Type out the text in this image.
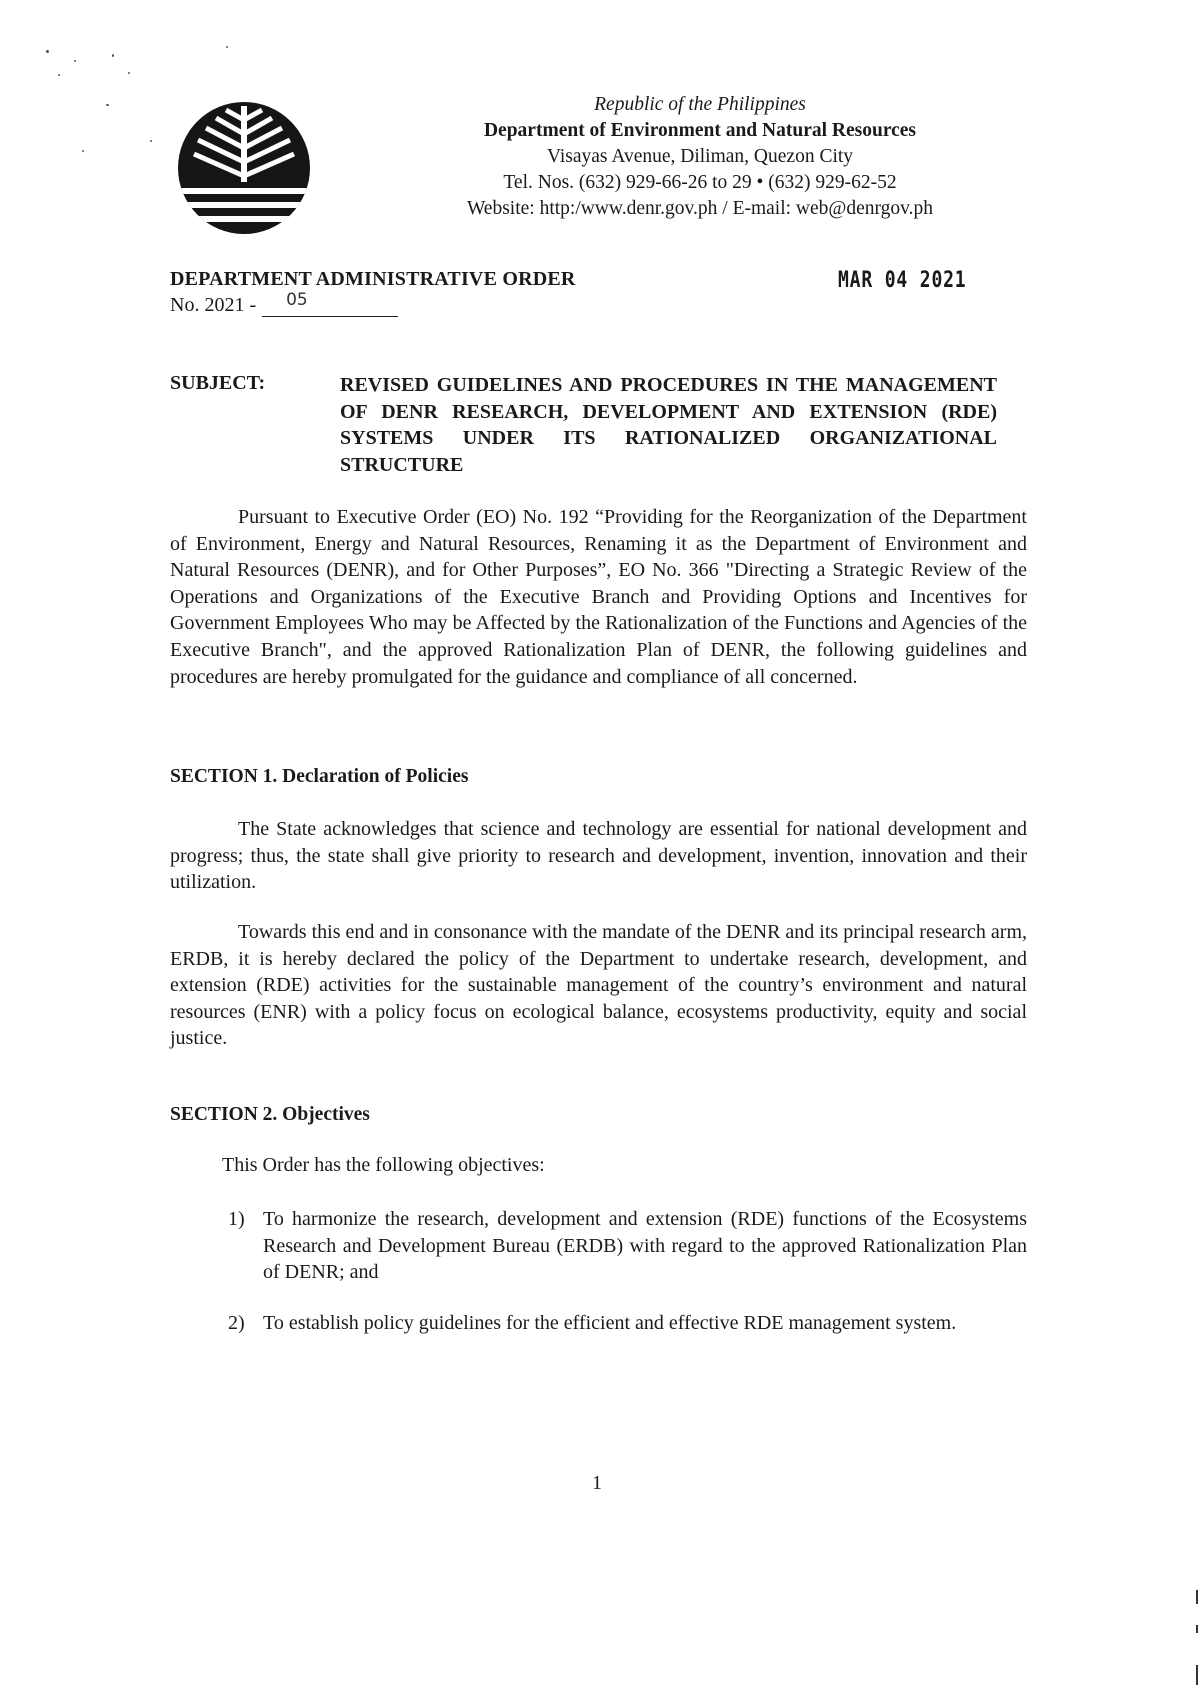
Republic of the Philippines
Department of Environment and Natural Resources
Visayas Avenue, Diliman, Quezon City
Tel. Nos. (632) 929-66-26 to 29 • (632) 929-62-52
Website: http:/www.denr.gov.ph / E-mail: web@denrgov.ph
DEPARTMENT ADMINISTRATIVE ORDER
No. 2021 - 05
MAR 04 2021
SUBJECT:	REVISED GUIDELINES AND PROCEDURES IN THE MANAGEMENT OF DENR RESEARCH, DEVELOPMENT AND EXTENSION (RDE) SYSTEMS UNDER ITS RATIONALIZED ORGANIZATIONAL STRUCTURE
Pursuant to Executive Order (EO) No. 192 “Providing for the Reorganization of the Department of Environment, Energy and Natural Resources, Renaming it as the Department of Environment and Natural Resources (DENR), and for Other Purposes”, EO No. 366 "Directing a Strategic Review of the Operations and Organizations of the Executive Branch and Providing Options and Incentives for Government Employees Who may be Affected by the Rationalization of the Functions and Agencies of the Executive Branch", and the approved Rationalization Plan of DENR, the following guidelines and procedures are hereby promulgated for the guidance and compliance of all concerned.
SECTION 1. Declaration of Policies
The State acknowledges that science and technology are essential for national development and progress; thus, the state shall give priority to research and development, invention, innovation and their utilization.
Towards this end and in consonance with the mandate of the DENR and its principal research arm, ERDB, it is hereby declared the policy of the Department to undertake research, development, and extension (RDE) activities for the sustainable management of the country’s environment and natural resources (ENR) with a policy focus on ecological balance, ecosystems productivity, equity and social justice.
SECTION 2. Objectives
This Order has the following objectives:
1) To harmonize the research, development and extension (RDE) functions of the Ecosystems Research and Development Bureau (ERDB) with regard to the approved Rationalization Plan of DENR; and
2) To establish policy guidelines for the efficient and effective RDE management system.
1
